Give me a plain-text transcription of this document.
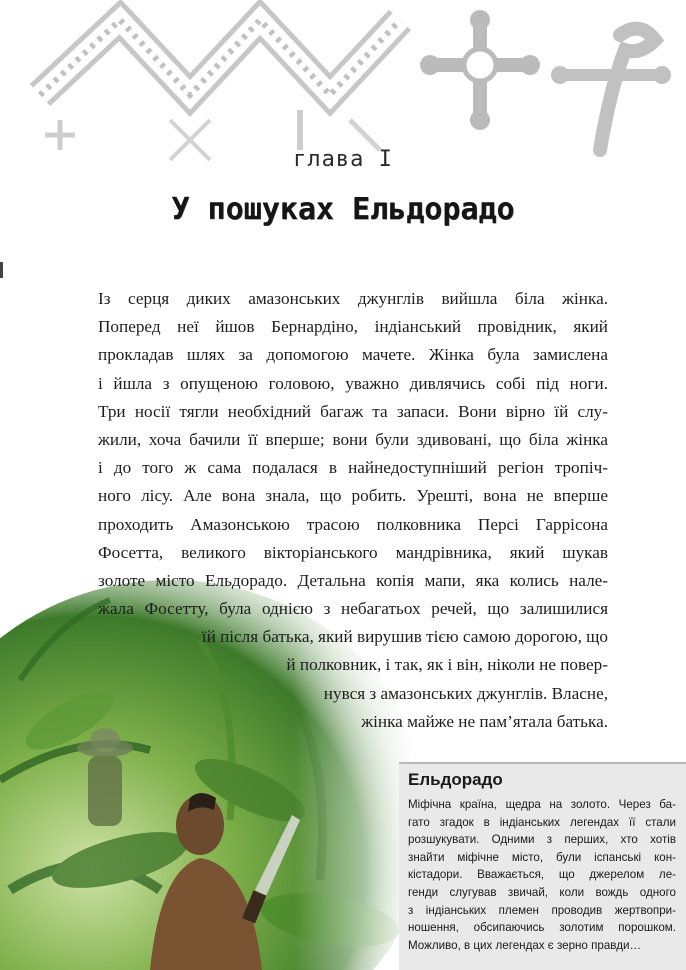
глава I
У пошуках Ельдорадо
Із серця диких амазонських джунглів вийшла біла жінка.
Поперед неї йшов Бернардіно, індіанський провідник, який
прокладав шлях за допомогою мачете. Жінка була замислена
і йшла з опущеною головою, уважно дивлячись собі під ноги.
Три носії тягли необхідний багаж та запаси. Вони вірно їй слу-
жили, хоча бачили її вперше; вони були здивовані, що біла жінка
і до того ж сама подалася в найнедоступніший регіон тропіч-
ного лісу. Але вона знала, що робить. Урешті, вона не вперше
проходить Амазонською трасою полковника Персі Гаррісона
Фосетта, великого вікторіанського мандрівника, який шукав
золоте місто Ельдорадо. Детальна копія мапи, яка колись нале-
жала Фосетту, була однією з небагатьох речей, що залишилися
їй після батька, який вирушив тією самою дорогою, що
й полковник, і так, як і він, ніколи не повер-
нувся з амазонських джунглів. Власне,
жінка майже не пам’ятала батька.
Ельдорадо
Міфічна країна, щедра на золото. Через ба-
гато згадок в індіанських легендах її стали
розшукувати. Одними з перших, хто хотів
знайти міфічне місто, були іспанські кон-
кістадори. Вважається, що джерелом ле-
генди слугував звичай, коли вождь одного
з індіанських племен проводив жертвопри-
ношення, обсипаючись золотим порошком.
Можливо, в цих легендах є зерно правди…
